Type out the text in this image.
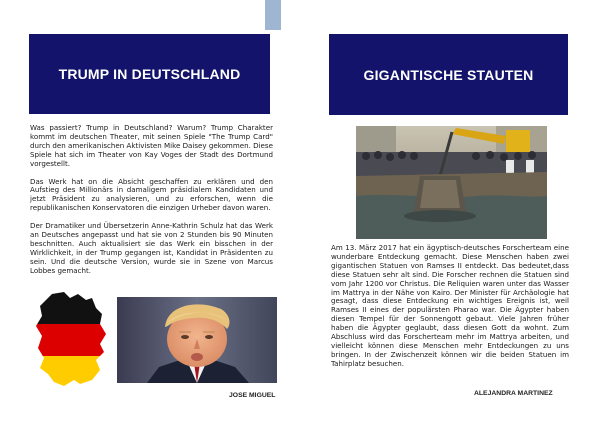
TRUMP IN DEUTSCHLAND

Was passiert? Trump in Deutschland? Warum? Trump Charakter kommt im deutschen Theater, mit seinen Spiele "The Trump Card" durch den amerikanischen Aktivisten Mike Daisey gekommen. Diese Spiele hat sich im Theater von Kay Voges der Stadt des Dortmund vorgestellt.

Das Werk hat on die Absicht geschaffen zu erklären und den Aufstieg des Millionärs in damaligem präsidialem Kandidaten und jetzt Präsident zu analysieren, und zu erforschen, wenn die republikanischen Konservatoren die einzigen Urheber davon waren.

Der Dramatiker und Übersetzerin Anne-Kathrin Schulz hat das Werk an Deutsches angepasst und hat sie von 2 Stunden bis 90 Minuten beschnitten. Auch aktualisiert sie das Werk ein bisschen in der Wirklichkeit, in der Trump gegangen ist, Kandidat in Präsidenten zu sein. Und die deutsche Version, wurde sie in Szene von Marcus Lobbes gemacht.

JOSE MIGUEL
GIGANTISCHE STAUTEN

Am 13. März 2017 hat ein ägyptisch-deutsches Forscherteam eine wunderbare Entdeckung gemacht. Diese Menschen haben zwei gigantischen Statuen von Ramses II entdeckt. Das bedeutet,dass diese Statuen sehr alt sind. Die Forscher rechnen die Statuen sind vom Jahr 1200 vor Christus. Die Reliquien waren unter das Wasser im Mattrya in der Nähe von Kairo. Der Minister für Archäologie hat gesagt, dass diese Entdeckung ein wichtiges Ereignis ist, weil Ramses II eines der populärsten Pharao war. Die Ägypter haben diesen Tempel für der Sonnengott gebaut. Viele Jahren früher haben die Ägypter geglaubt, dass diesen Gott da wohnt. Zum Abschluss wird das Forscherteam mehr im Mattrya arbeiten, und vielleicht können diese Menschen mehr Entdeckungen zu uns bringen. In der Zwischenzeit können wir die beiden Statuen im Tahirplatz besuchen.

ALEJANDRA MARTINEZ
